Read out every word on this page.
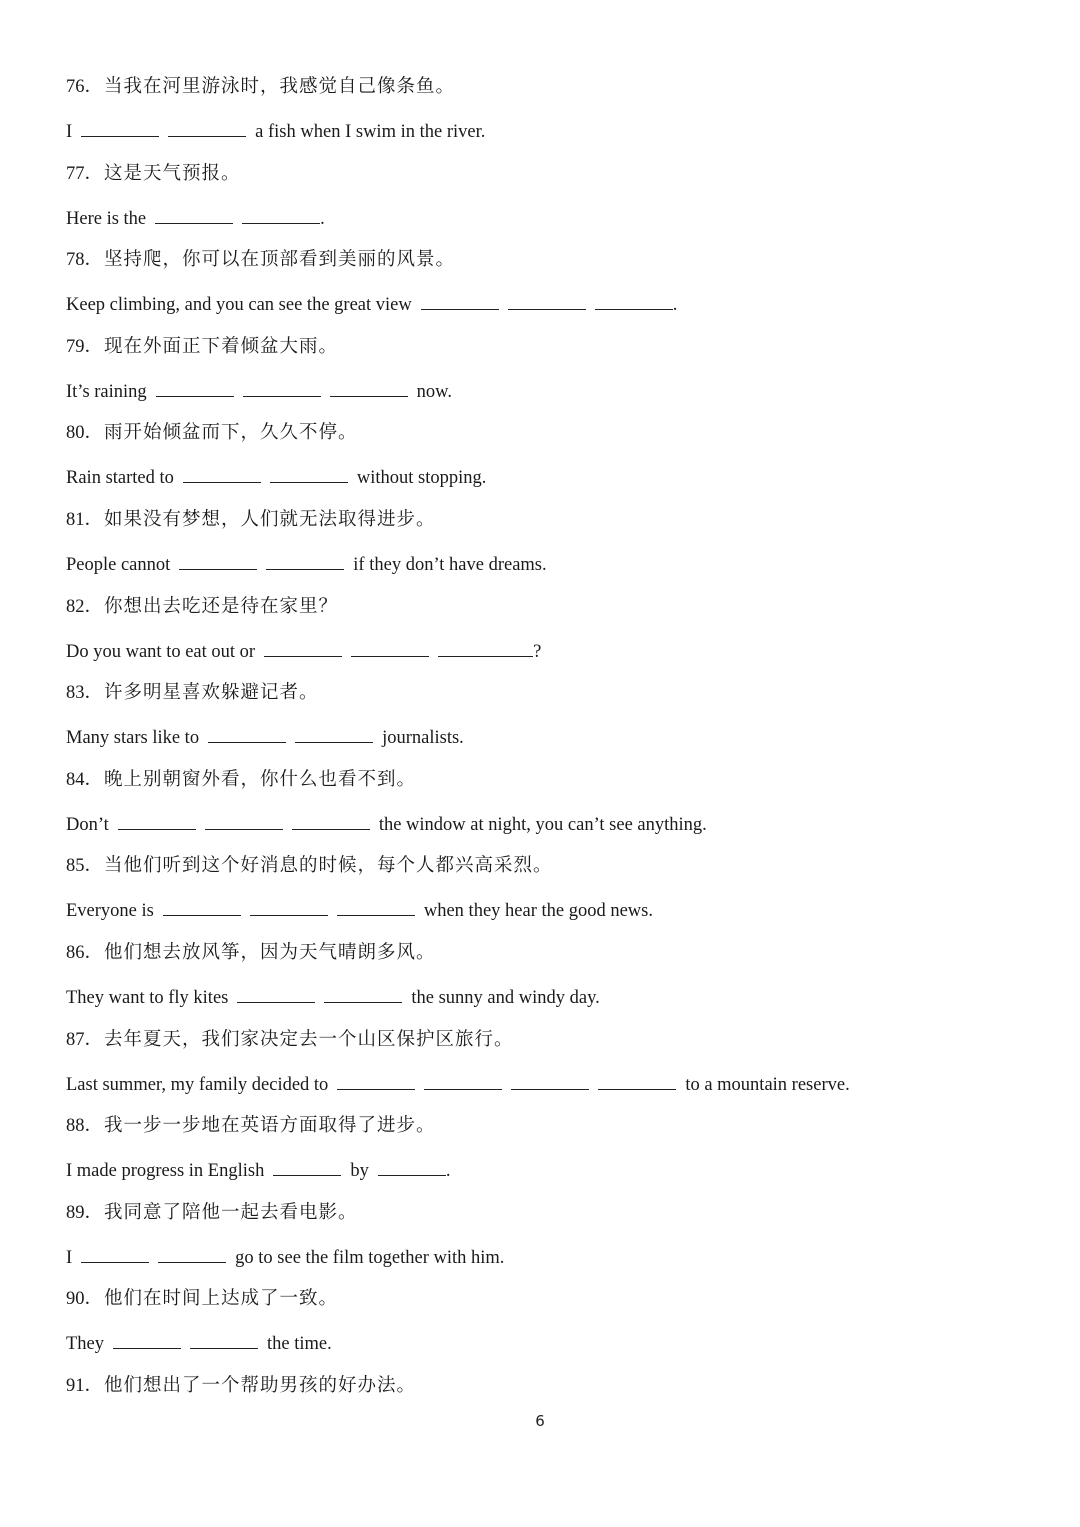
76．当我在河里游泳时，我感觉自己像条鱼。
I	a fish when I swim in the river.
77．这是天气预报。
Here is the	.
78．坚持爬，你可以在顶部看到美丽的风景。
Keep climbing, and you can see the great view	.
79．现在外面正下着倾盆大雨。
It’s raining	now.
80．雨开始倾盆而下，久久不停。
Rain started to	without stopping.
81．如果没有梦想，人们就无法取得进步。
People cannot	if they don’t have dreams.
82．你想出去吃还是待在家里？
Do you want to eat out or	?
83．许多明星喜欢躲避记者。
Many stars like to	journalists.
84．晚上别朝窗外看，你什么也看不到。
Don’t	the window at night, you can’t see anything.
85．当他们听到这个好消息的时候，每个人都兴高采烈。
Everyone is	when they hear the good news.
86．他们想去放风筝，因为天气晴朗多风。
They want to fly kites	the sunny and windy day.
87．去年夏天，我们家决定去一个山区保护区旅行。
Last summer, my family decided to	to a mountain reserve.
88．我一步一步地在英语方面取得了进步。
I made progress in English	by	.
89．我同意了陪他一起去看电影。
I	go to see the film together with him.
90．他们在时间上达成了一致。
They	the time.
91．他们想出了一个帮助男孩的好办法。
6
